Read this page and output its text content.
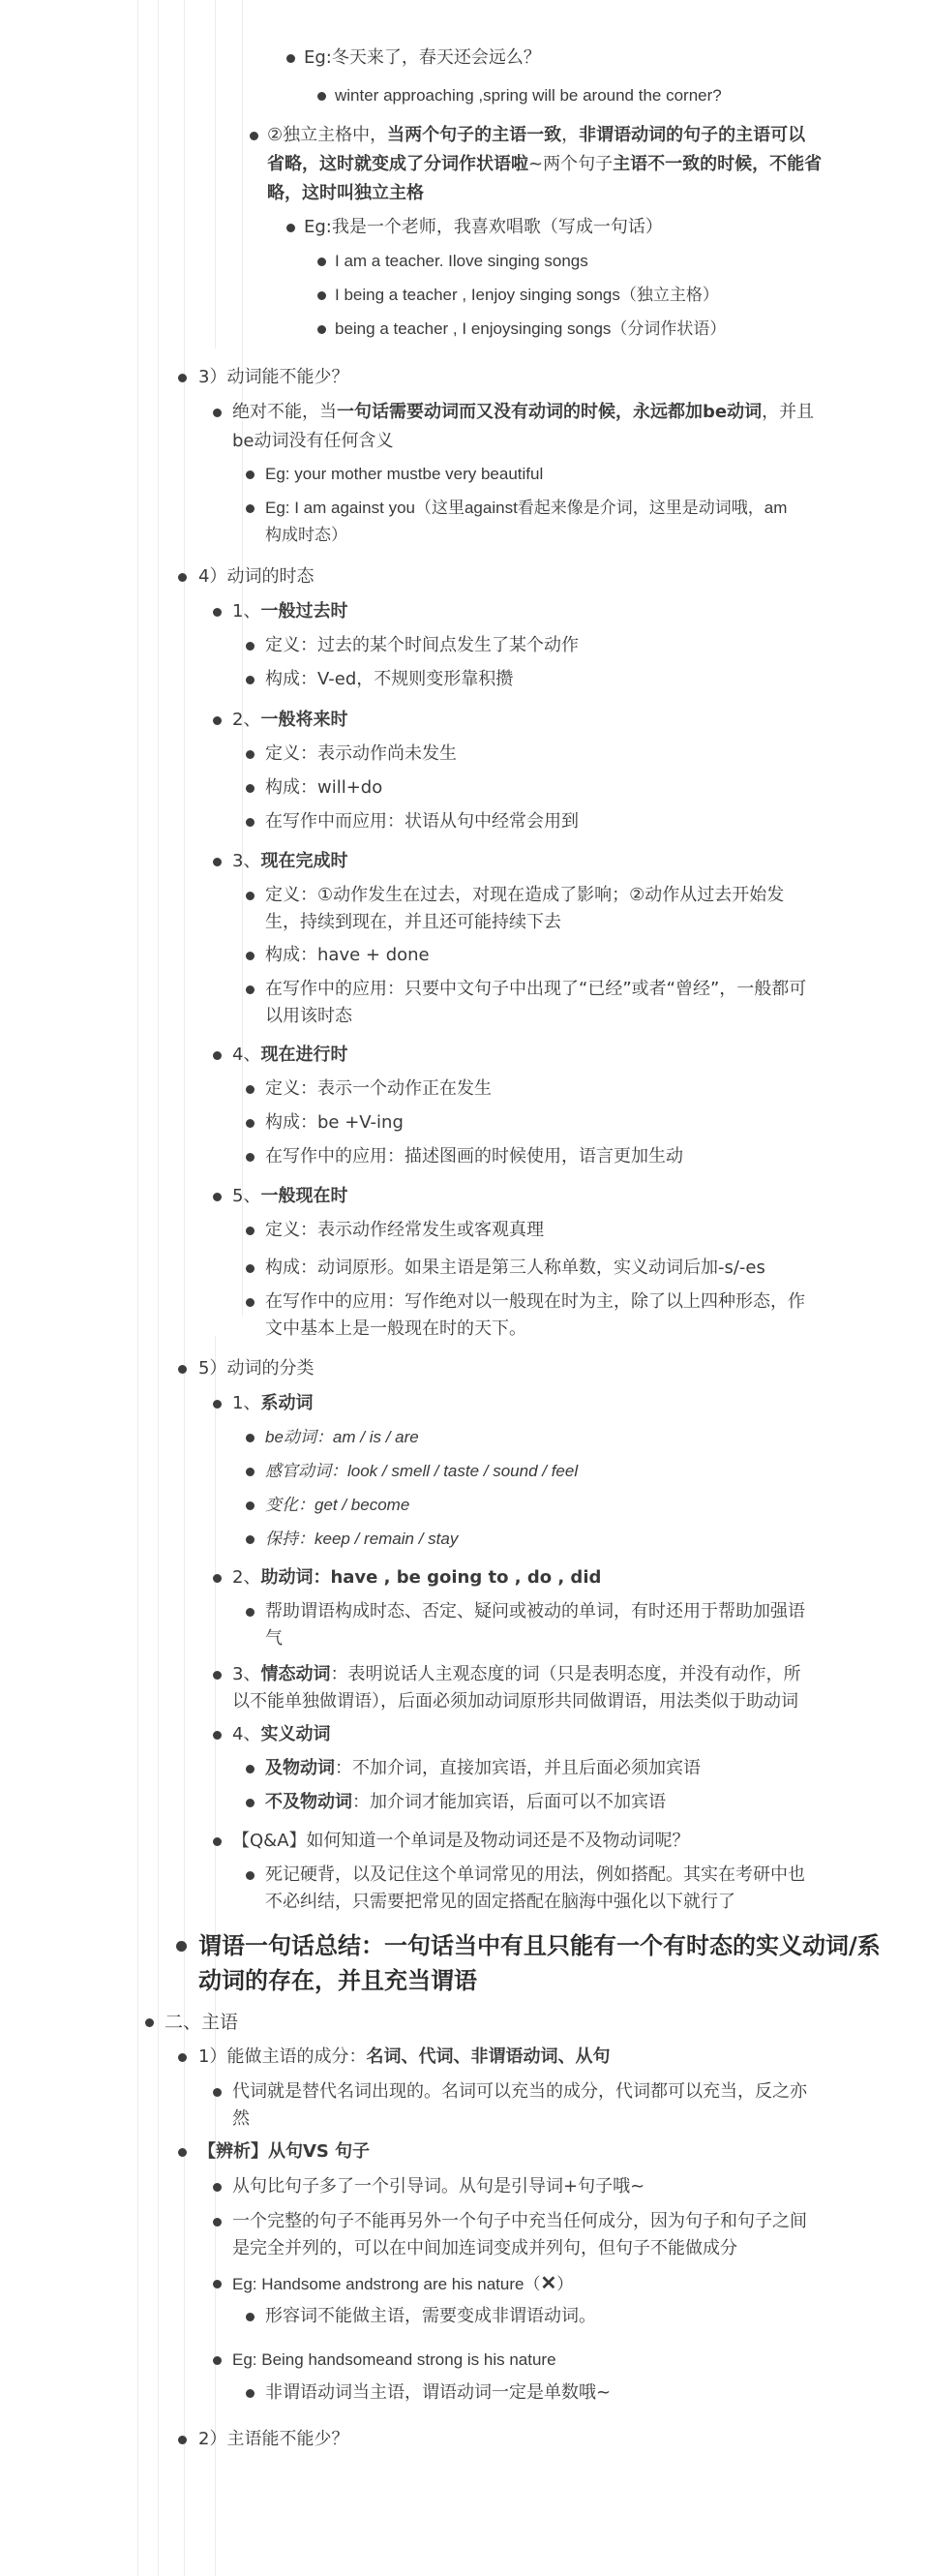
Eg:冬天来了，春天还会远么？
winter approaching ,spring will be around the corner?
②独立主格中，当两个句子的主语一致，非谓语动词的句子的主语可以
省略，这时就变成了分词作状语啦~两个句子主语不一致的时候，不能省
略，这时叫独立主格
Eg:我是一个老师，我喜欢唱歌（写成一句话）
I am a teacher. Ilove singing songs
I being a teacher , Ienjoy singing songs（独立主格）
being a teacher , I enjoysinging songs（分词作状语）
3）动词能不能少？
绝对不能，当一句话需要动词而又没有动词的时候，永远都加be动词，并且
be动词没有任何含义
Eg: your mother mustbe very beautiful
Eg: I am against you（这里against看起来像是介词，这里是动词哦，am
构成时态）
4）动词的时态
1、一般过去时
定义：过去的某个时间点发生了某个动作
构成：V-ed，不规则变形靠积攒
2、一般将来时
定义：表示动作尚未发生
构成：will+do
在写作中而应用：状语从句中经常会用到
3、现在完成时
定义：①动作发生在过去，对现在造成了影响；②动作从过去开始发
生，持续到现在，并且还可能持续下去
构成：have + done
在写作中的应用：只要中文句子中出现了“已经”或者“曾经”，一般都可
以用该时态
4、现在进行时
定义：表示一个动作正在发生
构成：be +V-ing
在写作中的应用：描述图画的时候使用，语言更加生动
5、一般现在时
定义：表示动作经常发生或客观真理
构成：动词原形。如果主语是第三人称单数，实义动词后加-s/-es
在写作中的应用：写作绝对以一般现在时为主，除了以上四种形态，作
文中基本上是一般现在时的天下。
5）动词的分类
1、系动词
be动词：am / is / are
感官动词：look / smell / taste / sound / feel
变化：get / become
保持：keep / remain / stay
2、助动词：have , be going to , do , did
帮助谓语构成时态、否定、疑问或被动的单词，有时还用于帮助加强语
气
3、情态动词：表明说话人主观态度的词（只是表明态度，并没有动作，所
以不能单独做谓语），后面必须加动词原形共同做谓语，用法类似于助动词
4、实义动词
及物动词：不加介词，直接加宾语，并且后面必须加宾语
不及物动词：加介词才能加宾语，后面可以不加宾语
【Q&A】如何知道一个单词是及物动词还是不及物动词呢？
死记硬背，以及记住这个单词常见的用法，例如搭配。其实在考研中也
不必纠结，只需要把常见的固定搭配在脑海中强化以下就行了
谓语一句话总结：一句话当中有且只能有一个有时态的实义动词/系
动词的存在，并且充当谓语
二、主语
1）能做主语的成分：名词、代词、非谓语动词、从句
代词就是替代名词出现的。名词可以充当的成分，代词都可以充当，反之亦
然
【辨析】从句VS 句子
从句比句子多了一个引导词。从句是引导词+句子哦~
一个完整的句子不能再另外一个句子中充当任何成分，因为句子和句子之间
是完全并列的，可以在中间加连词变成并列句，但句子不能做成分
Eg: Handsome andstrong are his nature（✕）
形容词不能做主语，需要变成非谓语动词。
Eg: Being handsomeand strong is his nature
非谓语动词当主语，谓语动词一定是单数哦~
2）主语能不能少？
